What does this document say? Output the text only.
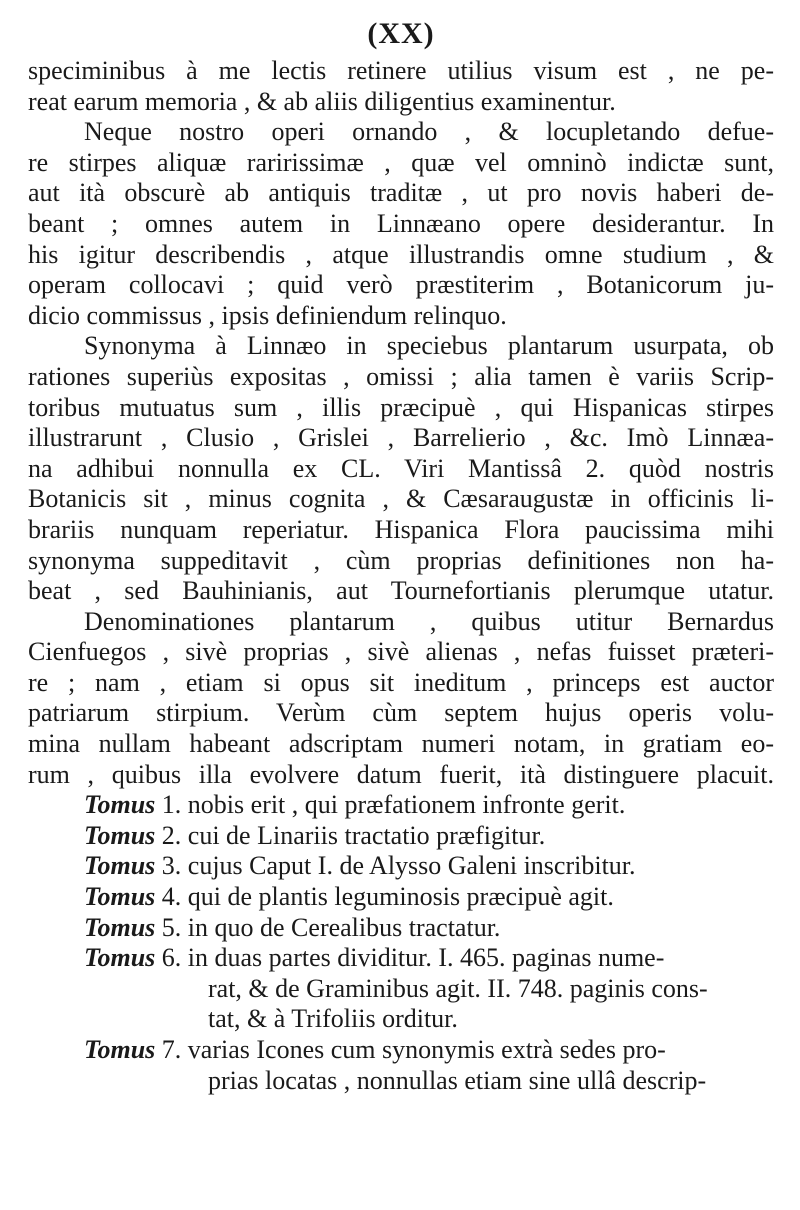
(XX)
speciminibus à me lectis retinere utilius visum est , ne pe-
reat earum memoria , & ab aliis diligentius examinentur.
Neque nostro operi ornando , & locupletando defue-
re stirpes aliquæ raririssimæ , quæ vel omninò indictæ sunt,
aut ità obscurè ab antiquis traditæ , ut pro novis haberi de-
beant ; omnes autem in Linnæano opere desiderantur. In
his igitur describendis , atque illustrandis omne studium , &
operam collocavi ; quid verò præstiterim , Botanicorum ju-
dicio commissus , ipsis definiendum relinquo.
Synonyma à Linnæo in speciebus plantarum usurpata, ob
rationes superiùs expositas , omissi ; alia tamen è variis Scrip-
toribus mutuatus sum , illis præcipuè , qui Hispanicas stirpes
illustrarunt , Clusio , Grislei , Barrelierio , &c. Imò Linnæa-
na adhibui nonnulla ex CL. Viri Mantissâ 2. quòd nostris
Botanicis sit , minus cognita , & Cæsaraugustæ in officinis li-
brariis nunquam reperiatur. Hispanica Flora paucissima mihi
synonyma suppeditavit , cùm proprias definitiones non ha-
beat , sed Bauhinianis, aut Tournefortianis plerumque utatur.
Denominationes plantarum , quibus utitur Bernardus
Cienfuegos , sivè proprias , sivè alienas , nefas fuisset præteri-
re ; nam , etiam si opus sit ineditum , princeps est auctor
patriarum stirpium. Verùm cùm septem hujus operis volu-
mina nullam habeant adscriptam numeri notam, in gratiam eo-
rum , quibus illa evolvere datum fuerit, ità distinguere placuit.
Tomus 1. nobis erit , qui præfationem infronte gerit.
Tomus 2. cui de Linariis tractatio præfigitur.
Tomus 3. cujus Caput I. de Alysso Galeni inscribitur.
Tomus 4. qui de plantis leguminosis præcipuè agit.
Tomus 5. in quo de Cerealibus tractatur.
Tomus 6. in duas partes dividitur. I. 465. paginas nume-
rat, & de Graminibus agit. II. 748. paginis cons-
tat, & à Trifoliis orditur.
Tomus 7. varias Icones cum synonymis extrà sedes pro-
prias locatas , nonnullas etiam sine ullâ descrip-
